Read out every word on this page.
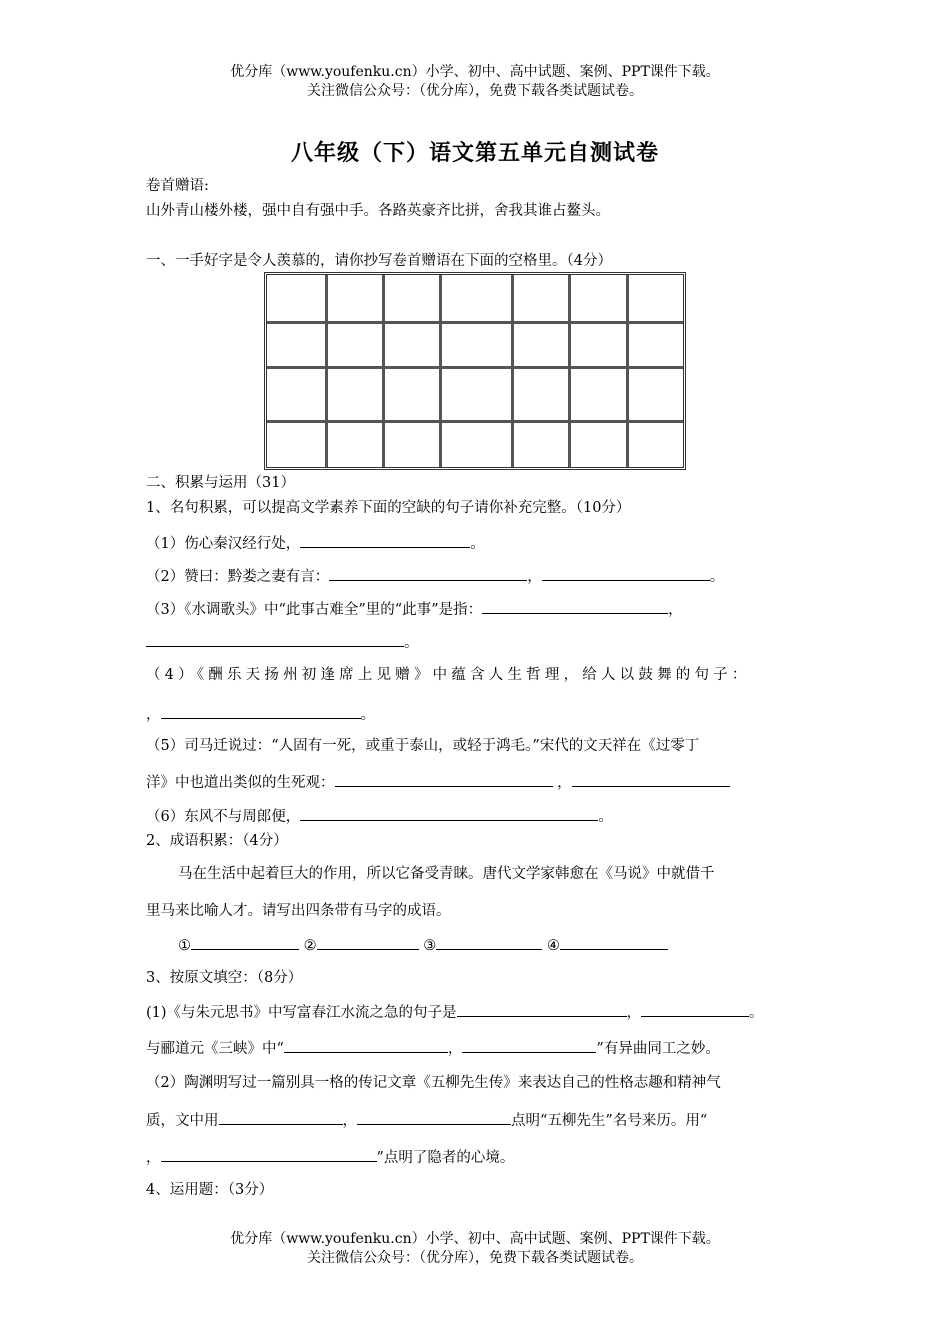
优分库（www.youfenku.cn）小学、初中、高中试题、案例、PPT课件下载。
关注微信公众号：（优分库），免费下载各类试题试卷。
八年级（下）语文第五单元自测试卷
卷首赠语:
山外青山楼外楼，强中自有强中手。各路英豪齐比拼，舍我其谁占鳌头。
一、一手好字是令人羡慕的，请你抄写卷首赠语在下面的空格里。（4分）
二、积累与运用（31）
1、名句积累，可以提高文学素养下面的空缺的句子请你补充完整。（10分）
（1）伤心秦汉经行处，	。
（2）赞曰：黔娄之妻有言：	，	。
（3）《水调歌头》中“此事古难全”里的“此事”是指：	，
。
（4）《酬乐天扬州初逢席上见赠》中蕴含人生哲理，给人以鼓舞的句子：
，	。
（5）司马迁说过：“人固有一死，或重于泰山，或轻于鸿毛。”宋代的文天祥在《过零丁
洋》中也道出类似的生死观：	，
（6）东风不与周郎便，	。
2、成语积累：（4分）
马在生活中起着巨大的作用，所以它备受青睐。唐代文学家韩愈在《马说》中就借千
里马来比喻人才。请写出四条带有马字的成语。
①	②	③	④
3、按原文填空：（8分）
(1)《与朱元思书》中写富春江水流之急的句子是	，	。
与郦道元《三峡》中“	，	”有异曲同工之妙。
（2）陶渊明写过一篇别具一格的传记文章《五柳先生传》来表达自己的性格志趣和精神气
质，文中用	，	点明“五柳先生”名号来历。用“
，	”点明了隐者的心境。
4、运用题：（3分）
优分库（www.youfenku.cn）小学、初中、高中试题、案例、PPT课件下载。
关注微信公众号：（优分库），免费下载各类试题试卷。
